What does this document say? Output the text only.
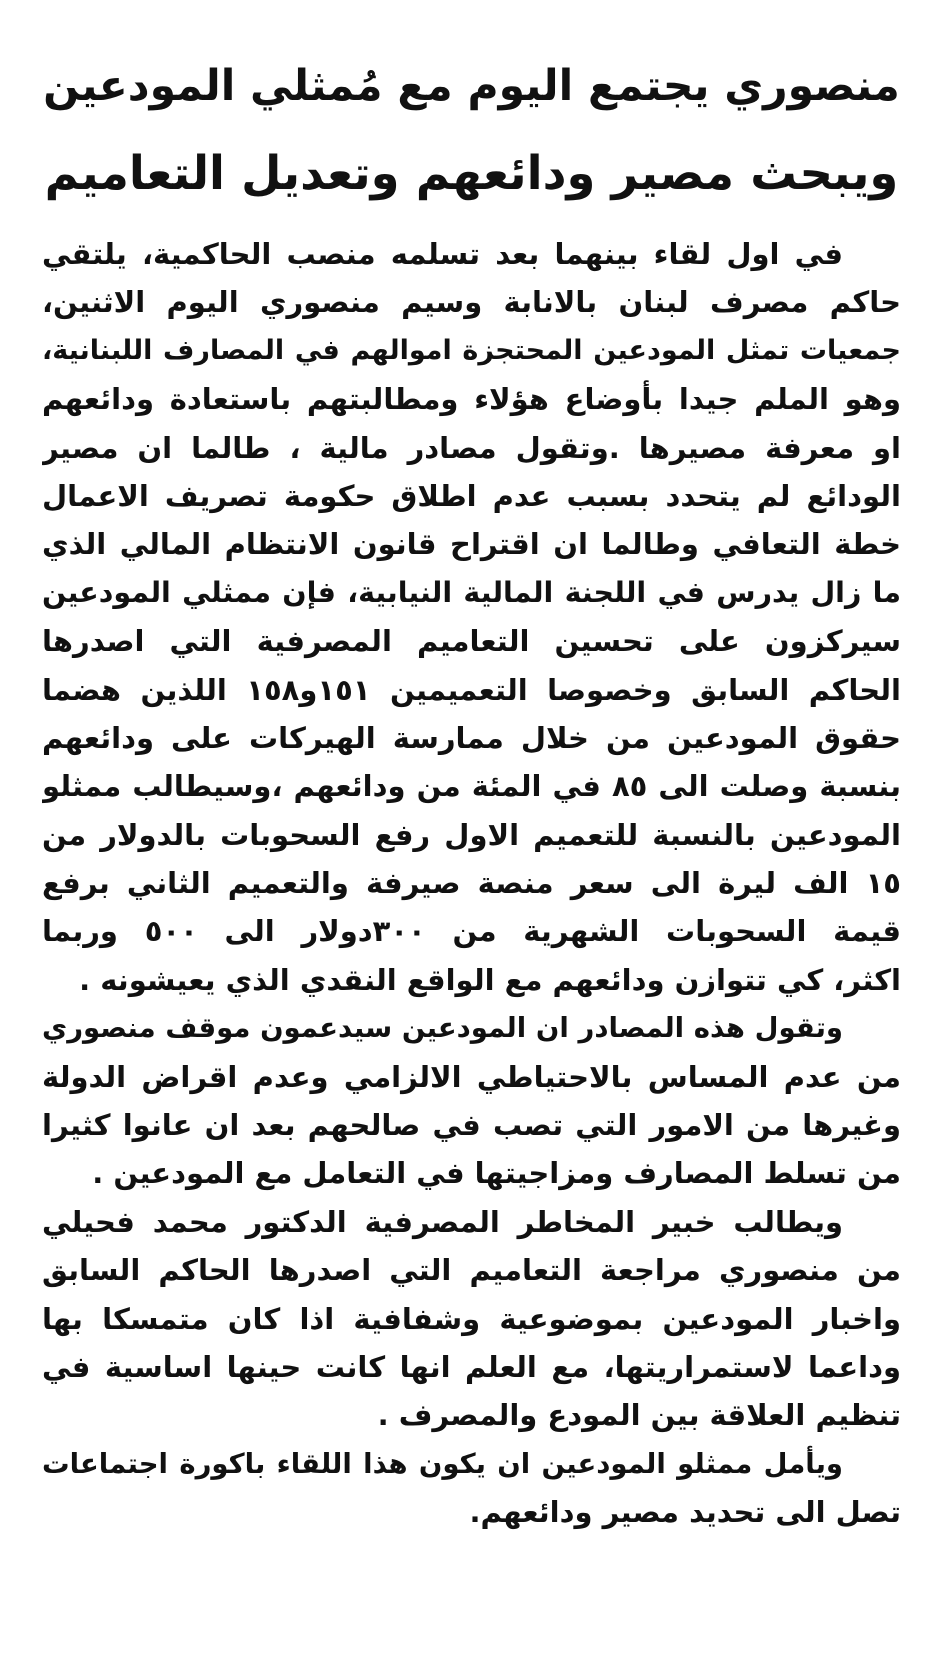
منصوري يجتمع اليوم مع مُمثلي المودعين
ويبحث مصير ودائعهم وتعديل التعاميم
في اول لقاء بينهما بعد تسلمه منصب الحاكمية، يلتقي
حاكم مصرف لبنان بالانابة وسيم منصوري اليوم الاثنين،
جمعيات تمثل المودعين المحتجزة اموالهم في المصارف اللبنانية،
وهو الملم جيدا بأوضاع هؤلاء ومطالبتهم باستعادة ودائعهم
او معرفة مصيرها .وتقول مصادر مالية ، طالما ان مصير
الودائع لم يتحدد بسبب عدم اطلاق حكومة تصريف الاعمال
خطة التعافي وطالما ان اقتراح قانون الانتظام المالي الذي
ما زال يدرس في اللجنة المالية النيابية، فإن ممثلي المودعين
سيركزون على تحسين التعاميم المصرفية التي اصدرها
الحاكم السابق وخصوصا التعميمين ١٥١و١٥٨ اللذين هضما
حقوق المودعين من خلال ممارسة الهيركات على ودائعهم
بنسبة وصلت الى ٨٥ في المئة من ودائعهم ،وسيطالب ممثلو
المودعين بالنسبة للتعميم الاول رفع السحوبات بالدولار من
١٥ الف ليرة الى سعر منصة صيرفة والتعميم الثاني برفع
قيمة السحوبات الشهرية من ٣٠٠دولار الى ٥٠٠ وربما
اكثر، كي تتوازن ودائعهم مع الواقع النقدي الذي يعيشونه .
وتقول هذه المصادر ان المودعين سيدعمون موقف منصوري
من عدم المساس بالاحتياطي الالزامي وعدم اقراض الدولة
وغيرها من الامور التي تصب في صالحهم بعد ان عانوا كثيرا
من تسلط المصارف ومزاجيتها في التعامل مع المودعين .
ويطالب خبير المخاطر المصرفية الدكتور محمد فحيلي
من منصوري مراجعة التعاميم التي اصدرها الحاكم السابق
واخبار المودعين بموضوعية وشفافية اذا كان متمسكا بها
وداعما لاستمراريتها، مع العلم انها كانت حينها اساسية في
تنظيم العلاقة بين المودع والمصرف .
ويأمل ممثلو المودعين ان يكون هذا اللقاء باكورة اجتماعات
تصل الى تحديد مصير ودائعهم.
